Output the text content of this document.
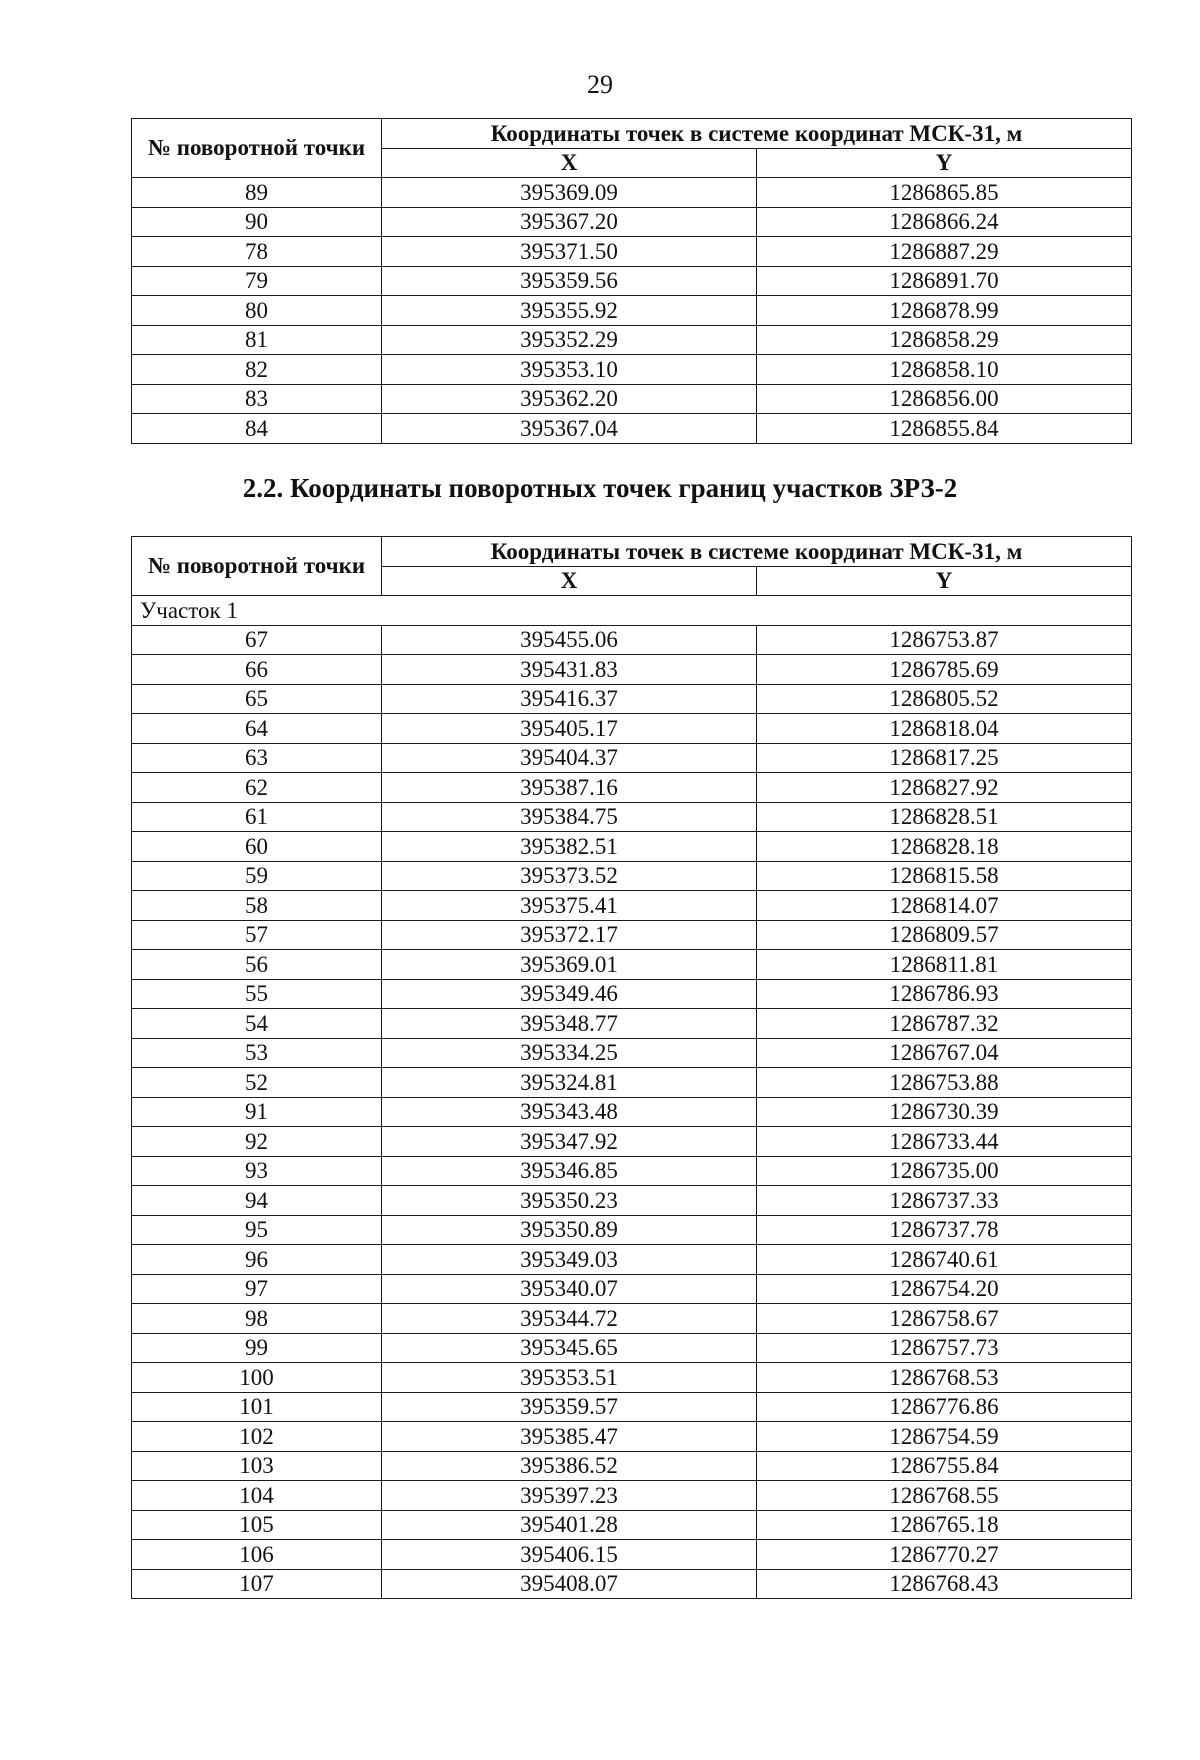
29
№ поворотной точки	Координаты точек в системе координат МСК-31, м	
	X	Y
89	395369.09	1286865.85
90	395367.20	1286866.24
78	395371.50	1286887.29
79	395359.56	1286891.70
80	395355.92	1286878.99
81	395352.29	1286858.29
82	395353.10	1286858.10
83	395362.20	1286856.00
84	395367.04	1286855.84
2.2. Координаты поворотных точек границ участков ЗРЗ-2
№ поворотной точки	Координаты точек в системе координат МСК-31, м	
	X	Y
Участок 1		
67	395455.06	1286753.87
66	395431.83	1286785.69
65	395416.37	1286805.52
64	395405.17	1286818.04
63	395404.37	1286817.25
62	395387.16	1286827.92
61	395384.75	1286828.51
60	395382.51	1286828.18
59	395373.52	1286815.58
58	395375.41	1286814.07
57	395372.17	1286809.57
56	395369.01	1286811.81
55	395349.46	1286786.93
54	395348.77	1286787.32
53	395334.25	1286767.04
52	395324.81	1286753.88
91	395343.48	1286730.39
92	395347.92	1286733.44
93	395346.85	1286735.00
94	395350.23	1286737.33
95	395350.89	1286737.78
96	395349.03	1286740.61
97	395340.07	1286754.20
98	395344.72	1286758.67
99	395345.65	1286757.73
100	395353.51	1286768.53
101	395359.57	1286776.86
102	395385.47	1286754.59
103	395386.52	1286755.84
104	395397.23	1286768.55
105	395401.28	1286765.18
106	395406.15	1286770.27
107	395408.07	1286768.43
